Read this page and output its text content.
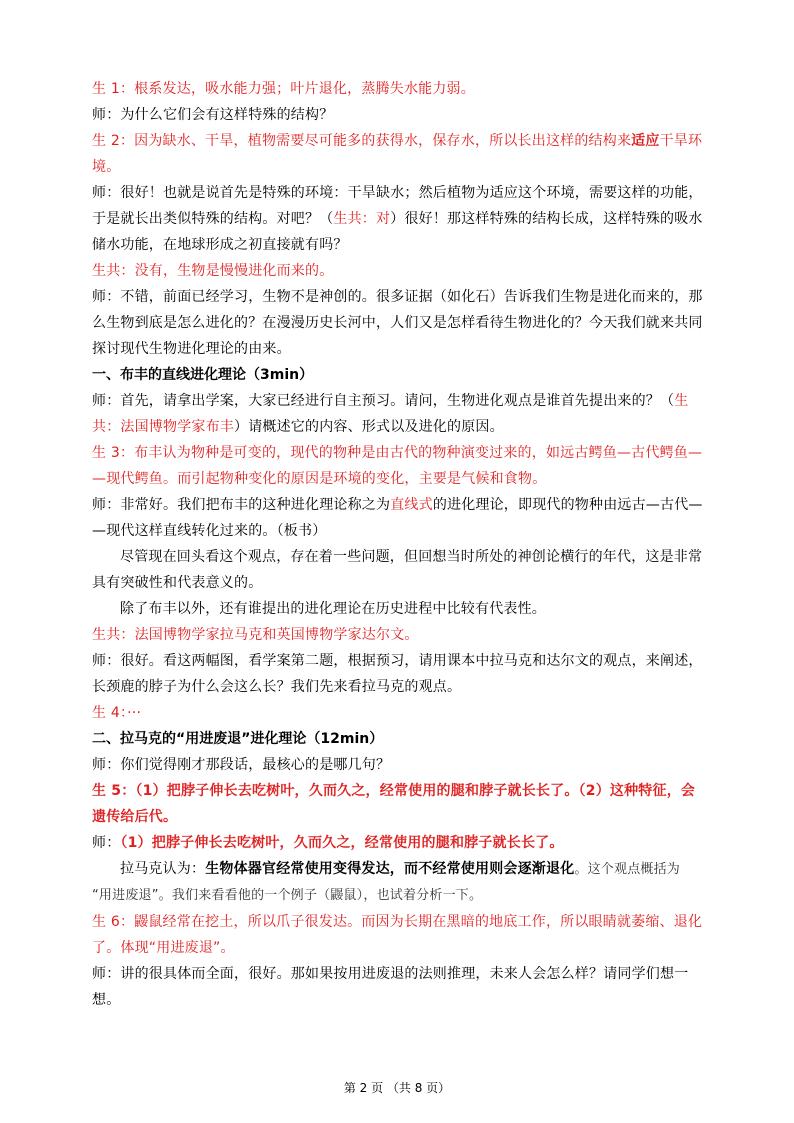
生 1：根系发达，吸水能力强；叶片退化，蒸腾失水能力弱。

师：为什么它们会有这样特殊的结构？

生 2：因为缺水、干旱，植物需要尽可能多的获得水，保存水，所以长出这样的结构来适应干旱环

境。

师：很好！也就是说首先是特殊的环境：干旱缺水；然后植物为适应这个环境，需要这样的功能，

于是就长出类似特殊的结构。对吧？（生共：对）很好！那这样特殊的结构长成，这样特殊的吸水

储水功能，在地球形成之初直接就有吗？

生共：没有，生物是慢慢进化而来的。

师：不错，前面已经学习，生物不是神创的。很多证据（如化石）告诉我们生物是进化而来的，那

么生物到底是怎么进化的？在漫漫历史长河中，人们又是怎样看待生物进化的？今天我们就来共同

探讨现代生物进化理论的由来。

一、布丰的直线进化理论（3min）

师：首先，请拿出学案，大家已经进行自主预习。请问，生物进化观点是谁首先提出来的？（生

共：法国博物学家布丰）请概述它的内容、形式以及进化的原因。

生 3：布丰认为物种是可变的，现代的物种是由古代的物种演变过来的，如远古鳄鱼—古代鳄鱼—

—现代鳄鱼。而引起物种变化的原因是环境的变化，主要是气候和食物。

师：非常好。我们把布丰的这种进化理论称之为直线式的进化理论，即现代的物种由远古—古代—

—现代这样直线转化过来的。（板书）

尽管现在回头看这个观点，存在着一些问题，但回想当时所处的神创论横行的年代，这是非常

具有突破性和代表意义的。

除了布丰以外，还有谁提出的进化理论在历史进程中比较有代表性。

生共：法国博物学家拉马克和英国博物学家达尔文。

师：很好。看这两幅图，看学案第二题，根据预习，请用课本中拉马克和达尔文的观点，来阐述，

长颈鹿的脖子为什么会这么长？我们先来看拉马克的观点。

生 4：···

二、拉马克的“用进废退”进化理论（12min）

师：你们觉得刚才那段话，最核心的是哪几句？

生 5：（1）把脖子伸长去吃树叶，久而久之，经常使用的腿和脖子就长长了。（2）这种特征，会

遗传给后代。

师：（1）把脖子伸长去吃树叶，久而久之，经常使用的腿和脖子就长长了。

拉马克认为：生物体器官经常使用变得发达，而不经常使用则会逐渐退化。这个观点概括为

“用进废退”。我们来看看他的一个例子（鼹鼠），也试着分析一下。

生 6：鼹鼠经常在挖土，所以爪子很发达。而因为长期在黑暗的地底工作，所以眼睛就萎缩、退化

了。体现“用进废退”。

师：讲的很具体而全面，很好。那如果按用进废退的法则推理，未来人会怎么样？请同学们想一

想。

第 2 页 （共 8 页）
